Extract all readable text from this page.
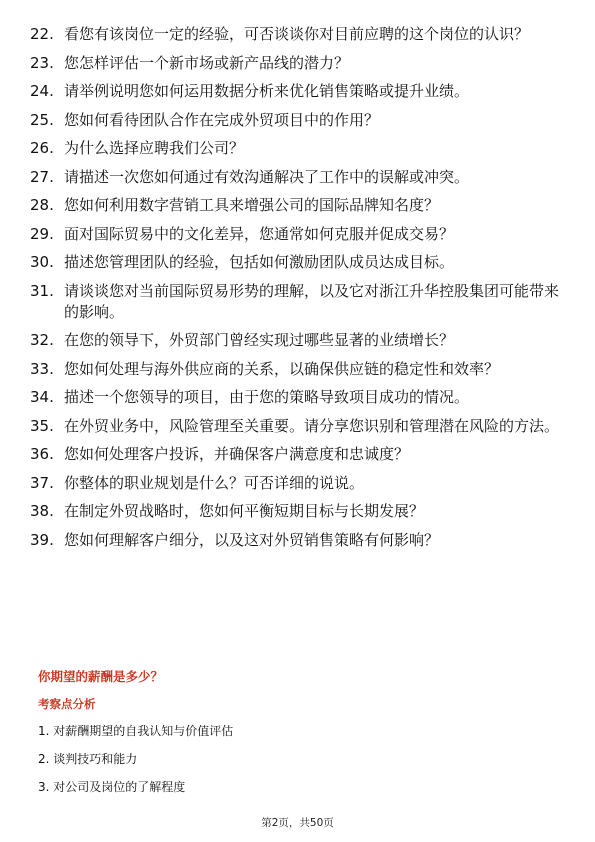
22. 看您有该岗位一定的经验，可否谈谈你对目前应聘的这个岗位的认识？
23. 您怎样评估一个新市场或新产品线的潜力？
24. 请举例说明您如何运用数据分析来优化销售策略或提升业绩。
25. 您如何看待团队合作在完成外贸项目中的作用？
26. 为什么选择应聘我们公司？
27. 请描述一次您如何通过有效沟通解决了工作中的误解或冲突。
28. 您如何利用数字营销工具来增强公司的国际品牌知名度？
29. 面对国际贸易中的文化差异，您通常如何克服并促成交易？
30. 描述您管理团队的经验，包括如何激励团队成员达成目标。
31. 请谈谈您对当前国际贸易形势的理解，以及它对浙江升华控股集团可能带来的影响。
32. 在您的领导下，外贸部门曾经实现过哪些显著的业绩增长？
33. 您如何处理与海外供应商的关系，以确保供应链的稳定性和效率？
34. 描述一个您领导的项目，由于您的策略导致项目成功的情况。
35. 在外贸业务中，风险管理至关重要。请分享您识别和管理潜在风险的方法。
36. 您如何处理客户投诉，并确保客户满意度和忠诚度？
37. 你整体的职业规划是什么？可否详细的说说。
38. 在制定外贸战略时，您如何平衡短期目标与长期发展？
39. 您如何理解客户细分，以及这对外贸销售策略有何影响？
你期望的薪酬是多少？
考察点分析
1. 对薪酬期望的自我认知与价值评估
2. 谈判技巧和能力
3. 对公司及岗位的了解程度
第2页，共50页
